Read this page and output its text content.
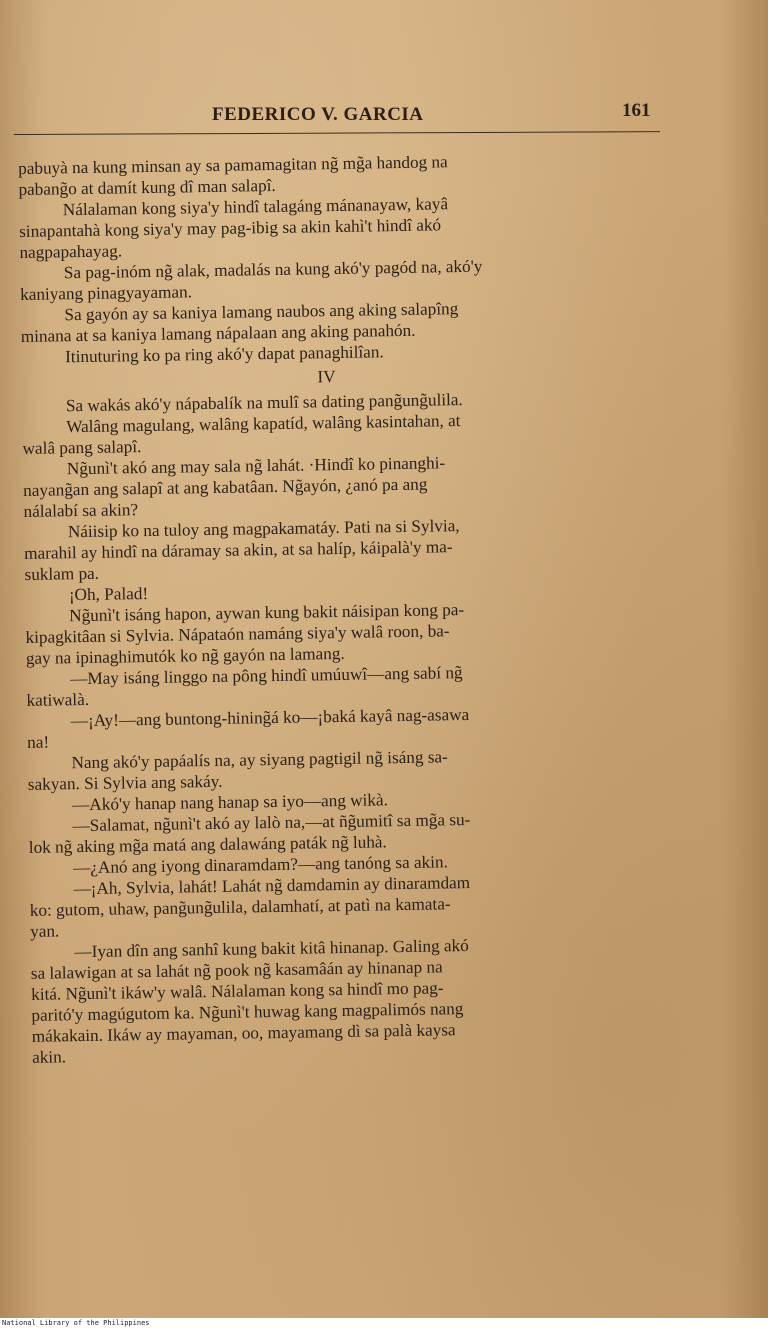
FEDERICO V. GARCIA	161
pabuyà na kung minsan ay sa pamamagitan ng̃ mg̃a handog na
pabang̃o at damít kung dî man salapî.
Nálalaman kong siya'y hindî talagáng mánanayaw, kayâ
sinapantahà kong siya'y may pag-ibig sa akin kahì't hindî akó
nagpapahayag.
Sa pag-inóm ng̃ alak, madalás na kung akó'y pagód na, akó'y
kaniyang pinagyayaman.
Sa gayón ay sa kaniya lamang naubos ang aking salapîng
minana at sa kaniya lamang nápalaan ang aking panahón.
Itinuturing ko pa ring akó'y dapat panaghilîan.
IV
Sa wakás akó'y nápabalík na mulî sa dating pang̃ung̃ulila.
Walâng magulang, walâng kapatíd, walâng kasintahan, at
walâ pang salapî.
Ng̃unì't akó ang may sala ng̃ lahát. ·Hindî ko pinanghi-
nayang̃an ang salapî at ang kabatâan. Ng̃ayón, ¿anó pa ang
nálalabí sa akin?
Náiisip ko na tuloy ang magpakamatáy. Pati na si Sylvia,
marahil ay hindî na dáramay sa akin, at sa halíp, káipalà'y ma-
suklam pa.
¡Oh, Palad!
Ng̃unì't isáng hapon, aywan kung bakit náisipan kong pa-
kipagkitâan si Sylvia. Nápataón namáng siya'y walâ roon, ba-
gay na ipinaghimutók ko ng̃ gayón na lamang.
—May isáng linggo na pông hindî umúuwî—ang sabí ng̃
katiwalà.
—¡Ay!—ang buntong-hining̃á ko—¡baká kayâ nag-asawa
na!
Nang akó'y papáalís na, ay siyang pagtigil ng̃ isáng sa-
sakyan. Si Sylvia ang sakáy.
—Akó'y hanap nang hanap sa iyo—ang wikà.
—Salamat, ng̃unì't akó ay lalò na,—at ñg̃umitî sa mg̃a su-
lok ng̃ aking mg̃a matá ang dalawáng paták ng̃ luhà.
—¿Anó ang iyong dinaramdam?—ang tanóng sa akin.
—¡Ah, Sylvia, lahát! Lahát ng̃ damdamin ay dinaramdam
ko: gutom, uhaw, pang̃ung̃ulila, dalamhatí, at patì na kamata-
yan.
—Iyan dîn ang sanhî kung bakit kitâ hinanap. Galing akó
sa lalawigan at sa lahát ng̃ pook ng̃ kasamâán ay hinanap na
kitá. Ng̃unì't ikáw'y walâ. Nálalaman kong sa hindî mo pag-
paritó'y magúgutom ka. Ng̃unì't huwag kang magpalimós nang
mákakain. Ikáw ay mayaman, oo, mayamang dì sa palà kaysa
akin.
National Library of the Philippines
